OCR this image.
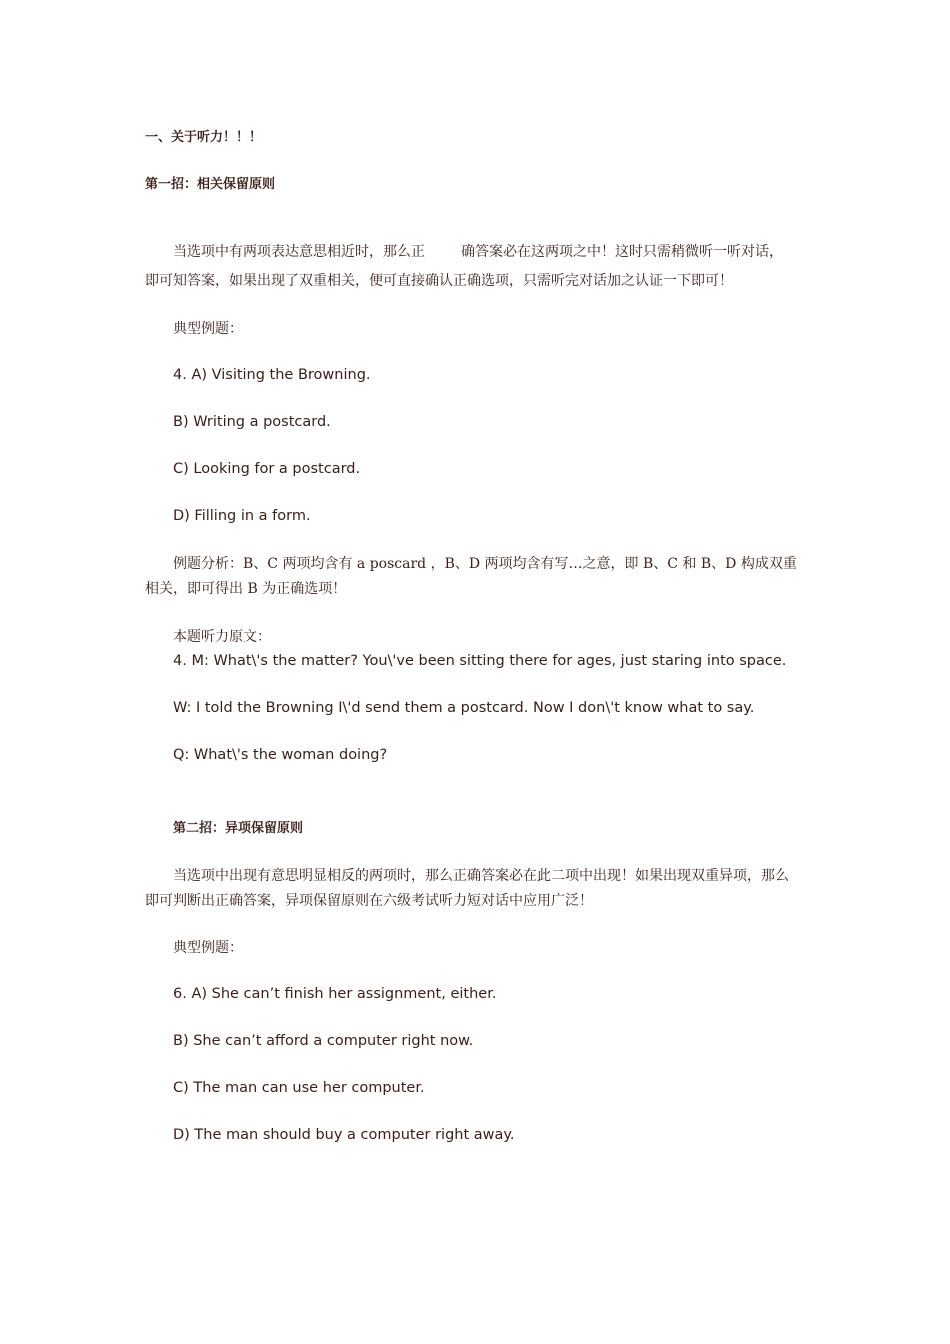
一、关于听力！！！
第一招：相关保留原则
当选项中有两项表达意思相近时，那么正	确答案必在这两项之中！这时只需稍微听一听对话，
即可知答案，如果出现了双重相关，便可直接确认正确选项，只需听完对话加之认证一下即可！
典型例题：
4. A) Visiting the Browning.
B) Writing a postcard.
C) Looking for a postcard.
D) Filling in a form.
例题分析：B、C 两项均含有 a poscard ，B、D 两项均含有写…之意，即 B、C 和 B、D 构成双重
相关，即可得出 B 为正确选项！
本题听力原文：
4. M: What\'s the matter? You\'ve been sitting there for ages, just staring into space.
W: I told the Browning I\'d send them a postcard. Now I don\'t know what to say.
Q: What\'s the woman doing?
第二招：异项保留原则
当选项中出现有意思明显相反的两项时，那么正确答案必在此二项中出现！如果出现双重异项，那么
即可判断出正确答案，异项保留原则在六级考试听力短对话中应用广泛！
典型例题：
6. A) She can’t finish her assignment, either.
B) She can’t afford a computer right now.
C) The man can use her computer.
D) The man should buy a computer right away.
